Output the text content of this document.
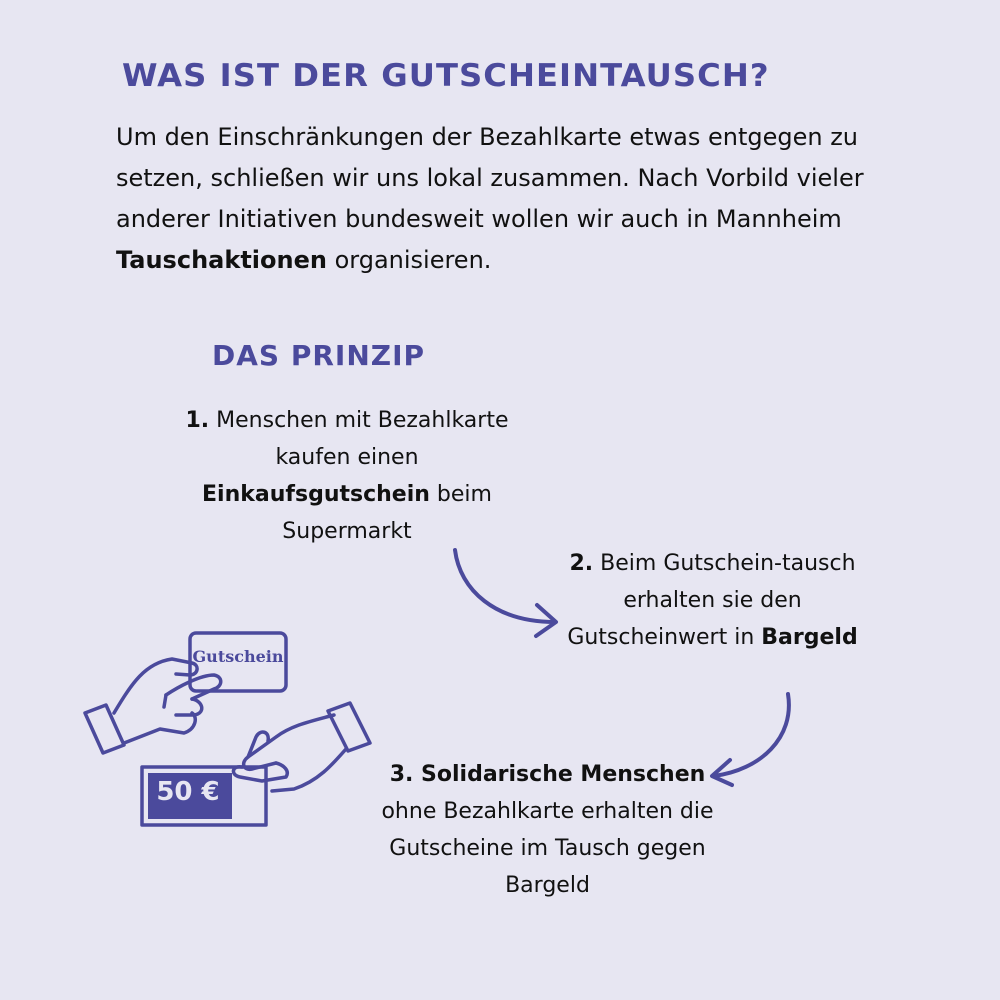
WAS IST DER GUTSCHEINTAUSCH?

Um den Einschränkungen der Bezahlkarte etwas entgegen zu setzen, schließen wir uns lokal zusammen. Nach Vorbild vieler anderer Initiativen bundesweit wollen wir auch in Mannheim Tauschaktionen organisieren.

DAS PRINZIP

1. Menschen mit Bezahlkarte kaufen einen Einkaufsgutschein beim Supermarkt

2. Beim Gutschein-tausch erhalten sie den Gutscheinwert in Bargeld

3. Solidarische Menschen ohne Bezahlkarte erhalten die Gutscheine im Tausch gegen Bargeld

Gutschein
50 €
